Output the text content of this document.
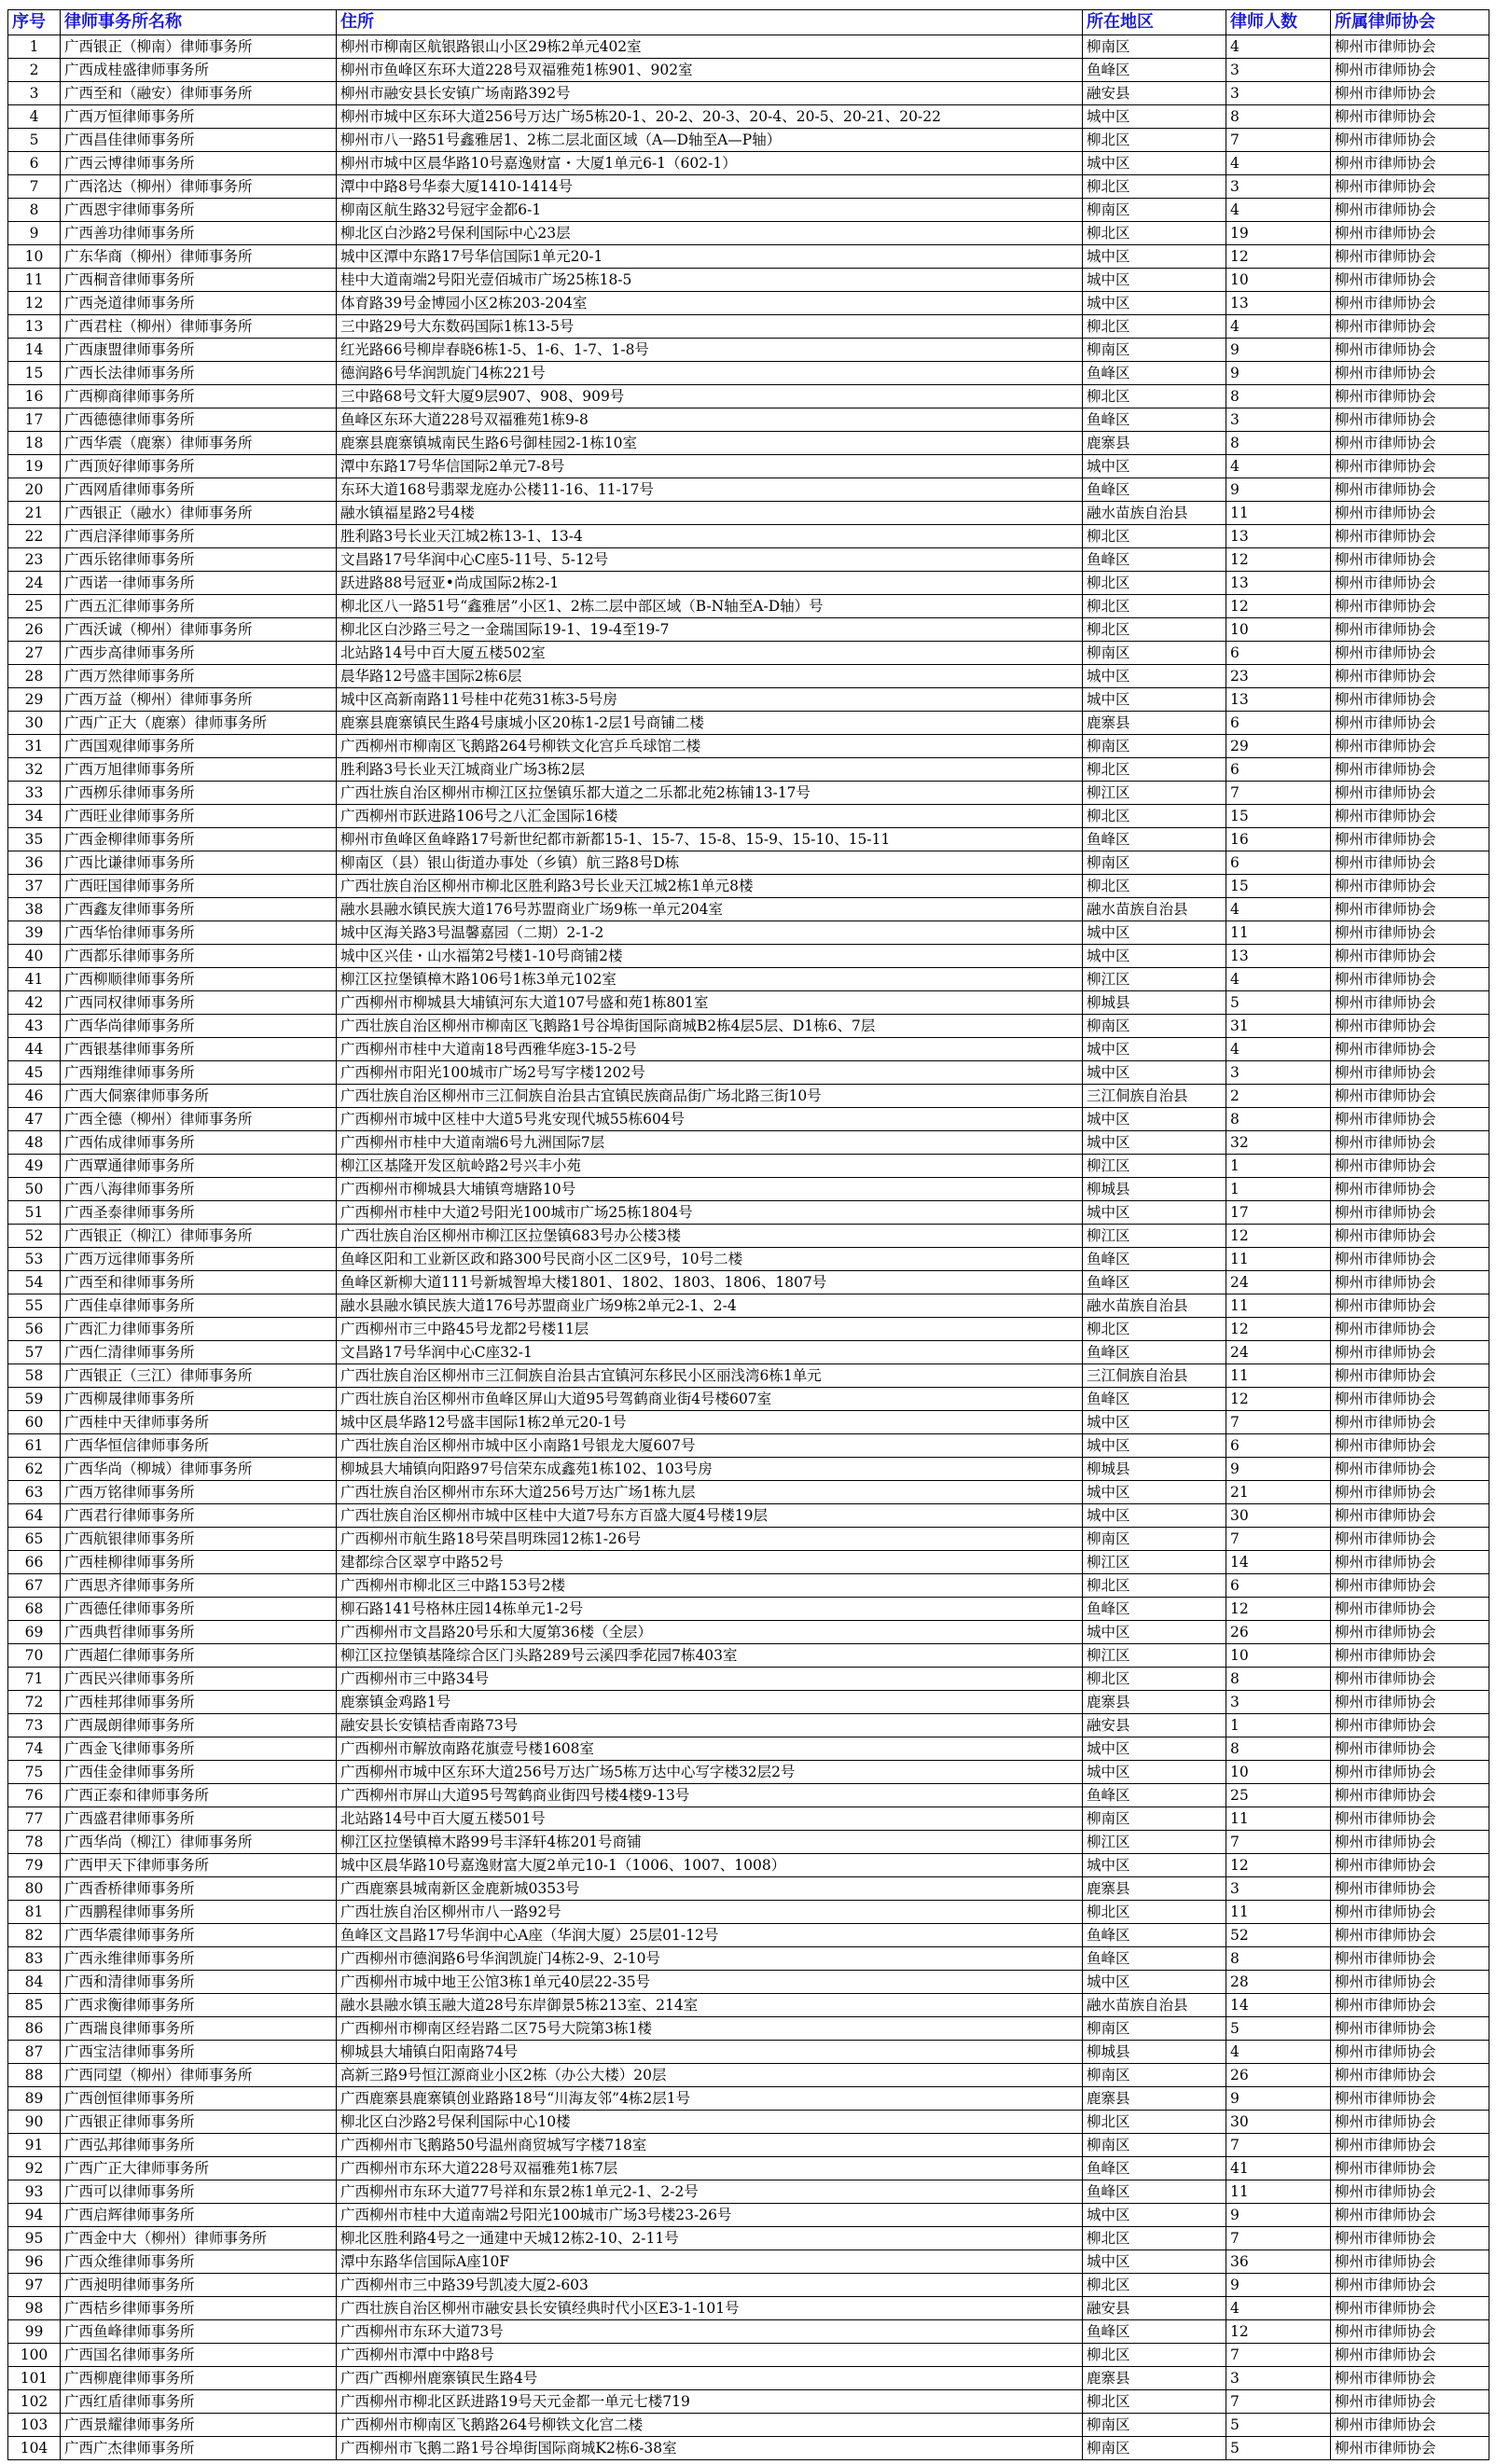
序号	律师事务所名称	住所	所在地区	律师人数	所属律师协会
1	广西银正（柳南）律师事务所	柳州市柳南区航银路银山小区29栋2单元402室	柳南区	4	柳州市律师协会
2	广西成桂盛律师事务所	柳州市鱼峰区东环大道228号双福雅苑1栋901、902室	鱼峰区	3	柳州市律师协会
3	广西至和（融安）律师事务所	柳州市融安县长安镇广场南路392号	融安县	3	柳州市律师协会
4	广西万恒律师事务所	柳州市城中区东环大道256号万达广场5栋20-1、20-2、20-3、20-4、20-5、20-21、20-22	城中区	8	柳州市律师协会
5	广西昌佳律师事务所	柳州市八一路51号鑫雅居1、2栋二层北面区域（A—D轴至A—P轴）	柳北区	7	柳州市律师协会
6	广西云博律师事务所	柳州市城中区晨华路10号嘉逸财富・大厦1单元6-1（602-1）	城中区	4	柳州市律师协会
7	广西洺达（柳州）律师事务所	潭中中路8号华泰大厦1410-1414号	柳北区	3	柳州市律师协会
8	广西恩宇律师事务所	柳南区航生路32号冠宇金都6-1	柳南区	4	柳州市律师协会
9	广西善功律师事务所	柳北区白沙路2号保利国际中心23层	柳北区	19	柳州市律师协会
10	广东华商（柳州）律师事务所	城中区潭中东路17号华信国际1单元20-1	城中区	12	柳州市律师协会
11	广西桐音律师事务所	桂中大道南端2号阳光壹佰城市广场25栋18-5	城中区	10	柳州市律师协会
12	广西尧道律师事务所	体育路39号金博园小区2栋203-204室	城中区	13	柳州市律师协会
13	广西君柱（柳州）律师事务所	三中路29号大东数码国际1栋13-5号	柳北区	4	柳州市律师协会
14	广西康盟律师事务所	红光路66号柳岸春晓6栋1-5、1-6、1-7、1-8号	柳南区	9	柳州市律师协会
15	广西长法律师事务所	德润路6号华润凯旋门4栋221号	鱼峰区	9	柳州市律师协会
16	广西柳商律师事务所	三中路68号文轩大厦9层907、908、909号	柳北区	8	柳州市律师协会
17	广西德德律师事务所	鱼峰区东环大道228号双福雅苑1栋9-8	鱼峰区	3	柳州市律师协会
18	广西华震（鹿寨）律师事务所	鹿寨县鹿寨镇城南民生路6号御桂园2-1栋10室	鹿寨县	8	柳州市律师协会
19	广西顶好律师事务所	潭中东路17号华信国际2单元7-8号	城中区	4	柳州市律师协会
20	广西网盾律师事务所	东环大道168号翡翠龙庭办公楼11-16、11-17号	鱼峰区	9	柳州市律师协会
21	广西银正（融水）律师事务所	融水镇福星路2号4楼	融水苗族自治县	11	柳州市律师协会
22	广西启泽律师事务所	胜利路3号长业天江城2栋13-1、13-4	柳北区	13	柳州市律师协会
23	广西乐铭律师事务所	文昌路17号华润中心C座5-11号、5-12号	鱼峰区	12	柳州市律师协会
24	广西诺一律师事务所	跃进路88号冠亚•尚成国际2栋2-1	柳北区	13	柳州市律师协会
25	广西五汇律师事务所	柳北区八一路51号“鑫雅居”小区1、2栋二层中部区域（B-N轴至A-D轴）号	柳北区	12	柳州市律师协会
26	广西沃诚（柳州）律师事务所	柳北区白沙路三号之一金瑞国际19-1、19-4至19-7	柳北区	10	柳州市律师协会
27	广西步高律师事务所	北站路14号中百大厦五楼502室	柳南区	6	柳州市律师协会
28	广西万然律师事务所	晨华路12号盛丰国际2栋6层	城中区	23	柳州市律师协会
29	广西万益（柳州）律师事务所	城中区高新南路11号桂中花苑31栋3-5号房	城中区	13	柳州市律师协会
30	广西广正大（鹿寨）律师事务所	鹿寨县鹿寨镇民生路4号康城小区20栋1-2层1号商铺二楼	鹿寨县	6	柳州市律师协会
31	广西国观律师事务所	广西柳州市柳南区飞鹅路264号柳铁文化宫乒乓球馆二楼	柳南区	29	柳州市律师协会
32	广西万旭律师事务所	胜利路3号长业天江城商业广场3栋2层	柳北区	6	柳州市律师协会
33	广西栁乐律师事务所	广西壮族自治区柳州市柳江区拉堡镇乐都大道之二乐都北苑2栋铺13-17号	柳江区	7	柳州市律师协会
34	广西旺业律师事务所	广西柳州市跃进路106号之八汇金国际16楼	柳北区	15	柳州市律师协会
35	广西金柳律师事务所	柳州市鱼峰区鱼峰路17号新世纪都市新都15-1、15-7、15-8、15-9、15-10、15-11	鱼峰区	16	柳州市律师协会
36	广西比谦律师事务所	柳南区（县）银山街道办事处（乡镇）航三路8号D栋	柳南区	6	柳州市律师协会
37	广西旺国律师事务所	广西壮族自治区柳州市柳北区胜利路3号长业天江城2栋1单元8楼	柳北区	15	柳州市律师协会
38	广西鑫友律师事务所	融水县融水镇民族大道176号苏盟商业广场9栋一单元204室	融水苗族自治县	4	柳州市律师协会
39	广西华怡律师事务所	城中区海关路3号温馨嘉园（二期）2-1-2	城中区	11	柳州市律师协会
40	广西都乐律师事务所	城中区兴佳・山水福第2号楼1-10号商铺2楼	城中区	13	柳州市律师协会
41	广西柳顺律师事务所	柳江区拉堡镇樟木路106号1栋3单元102室	柳江区	4	柳州市律师协会
42	广西同权律师事务所	广西柳州市柳城县大埔镇河东大道107号盛和苑1栋801室	柳城县	5	柳州市律师协会
43	广西华尚律师事务所	广西壮族自治区柳州市柳南区飞鹅路1号谷埠街国际商城B2栋4层5层、D1栋6、7层	柳南区	31	柳州市律师协会
44	广西银基律师事务所	广西柳州市桂中大道南18号西雅华庭3-15-2号	城中区	4	柳州市律师协会
45	广西翔维律师事务所	广西柳州市阳光100城市广场2号写字楼1202号	城中区	3	柳州市律师协会
46	广西大侗寨律师事务所	广西壮族自治区柳州市三江侗族自治县古宜镇民族商品街广场北路三街10号	三江侗族自治县	2	柳州市律师协会
47	广西全德（柳州）律师事务所	广西柳州市城中区桂中大道5号兆安现代城55栋604号	城中区	8	柳州市律师协会
48	广西佑成律师事务所	广西柳州市桂中大道南端6号九洲国际7层	城中区	32	柳州市律师协会
49	广西覃通律师事务所	柳江区基隆开发区航岭路2号兴丰小苑	柳江区	1	柳州市律师协会
50	广西八海律师事务所	广西柳州市柳城县大埔镇弯塘路10号	柳城县	1	柳州市律师协会
51	广西圣泰律师事务所	广西柳州市桂中大道2号阳光100城市广场25栋1804号	城中区	17	柳州市律师协会
52	广西银正（柳江）律师事务所	广西壮族自治区柳州市柳江区拉堡镇683号办公楼3楼	柳江区	12	柳州市律师协会
53	广西万远律师事务所	鱼峰区阳和工业新区政和路300号民商小区二区9号，10号二楼	鱼峰区	11	柳州市律师协会
54	广西至和律师事务所	鱼峰区新柳大道111号新城智埠大楼1801、1802、1803、1806、1807号	鱼峰区	24	柳州市律师协会
55	广西佳卓律师事务所	融水县融水镇民族大道176号苏盟商业广场9栋2单元2-1、2-4	融水苗族自治县	11	柳州市律师协会
56	广西汇力律师事务所	广西柳州市三中路45号龙都2号楼11层	柳北区	12	柳州市律师协会
57	广西仁清律师事务所	文昌路17号华润中心C座32-1	鱼峰区	24	柳州市律师协会
58	广西银正（三江）律师事务所	广西壮族自治区柳州市三江侗族自治县古宜镇河东移民小区丽浅湾6栋1单元	三江侗族自治县	11	柳州市律师协会
59	广西柳晟律师事务所	广西壮族自治区柳州市鱼峰区屏山大道95号驾鹤商业街4号楼607室	鱼峰区	12	柳州市律师协会
60	广西桂中天律师事务所	城中区晨华路12号盛丰国际1栋2单元20-1号	城中区	7	柳州市律师协会
61	广西华恒信律师事务所	广西壮族自治区柳州市城中区小南路1号银龙大厦607号	城中区	6	柳州市律师协会
62	广西华尚（柳城）律师事务所	柳城县大埔镇向阳路97号信荣东成鑫苑1栋102、103号房	柳城县	9	柳州市律师协会
63	广西万铭律师事务所	广西壮族自治区柳州市东环大道256号万达广场1栋九层	城中区	21	柳州市律师协会
64	广西君行律师事务所	广西壮族自治区柳州市城中区桂中大道7号东方百盛大厦4号楼19层	城中区	30	柳州市律师协会
65	广西航银律师事务所	广西柳州市航生路18号荣昌明珠园12栋1-26号	柳南区	7	柳州市律师协会
66	广西桂柳律师事务所	建都综合区翠亨中路52号	柳江区	14	柳州市律师协会
67	广西思齐律师事务所	广西柳州市柳北区三中路153号2楼	柳北区	6	柳州市律师协会
68	广西德任律师事务所	柳石路141号格林庄园14栋单元1-2号	鱼峰区	12	柳州市律师协会
69	广西典哲律师事务所	广西柳州市文昌路20号乐和大厦第36楼（全层）	城中区	26	柳州市律师协会
70	广西超仁律师事务所	柳江区拉堡镇基隆综合区门头路289号云溪四季花园7栋403室	柳江区	10	柳州市律师协会
71	广西民兴律师事务所	广西柳州市三中路34号	柳北区	8	柳州市律师协会
72	广西桂邦律师事务所	鹿寨镇金鸡路1号	鹿寨县	3	柳州市律师协会
73	广西晟朗律师事务所	融安县长安镇桔香南路73号	融安县	1	柳州市律师协会
74	广西金飞律师事务所	广西柳州市解放南路花旗壹号楼1608室	城中区	8	柳州市律师协会
75	广西佳金律师事务所	广西柳州市城中区东环大道256号万达广场5栋万达中心写字楼32层2号	城中区	10	柳州市律师协会
76	广西正泰和律师事务所	广西柳州市屏山大道95号驾鹤商业街四号楼4楼9-13号	鱼峰区	25	柳州市律师协会
77	广西盛君律师事务所	北站路14号中百大厦五楼501号	柳南区	11	柳州市律师协会
78	广西华尚（柳江）律师事务所	柳江区拉堡镇樟木路99号丰泽轩4栋201号商铺	柳江区	7	柳州市律师协会
79	广西甲天下律师事务所	城中区晨华路10号嘉逸财富大厦2单元10-1（1006、1007、1008）	城中区	12	柳州市律师协会
80	广西香桥律师事务所	广西鹿寨县城南新区金鹿新城0353号	鹿寨县	3	柳州市律师协会
81	广西鹏程律师事务所	广西壮族自治区柳州市八一路92号	柳北区	11	柳州市律师协会
82	广西华震律师事务所	鱼峰区文昌路17号华润中心A座（华润大厦）25层01-12号	鱼峰区	52	柳州市律师协会
83	广西永维律师事务所	广西柳州市德润路6号华润凯旋门4栋2-9、2-10号	鱼峰区	8	柳州市律师协会
84	广西和清律师事务所	广西柳州市城中地王公馆3栋1单元40层22-35号	城中区	28	柳州市律师协会
85	广西求衡律师事务所	融水县融水镇玉融大道28号东岸御景5栋213室、214室	融水苗族自治县	14	柳州市律师协会
86	广西瑞良律师事务所	广西柳州市柳南区经岩路二区75号大院第3栋1楼	柳南区	5	柳州市律师协会
87	广西宝洁律师事务所	柳城县大埔镇白阳南路74号	柳城县	4	柳州市律师协会
88	广西同望（柳州）律师事务所	高新三路9号恒江源商业小区2栋（办公大楼）20层	柳南区	26	柳州市律师协会
89	广西创恒律师事务所	广西鹿寨县鹿寨镇创业路路18号“川海友邻”4栋2层1号	鹿寨县	9	柳州市律师协会
90	广西银正律师事务所	柳北区白沙路2号保利国际中心10楼	柳北区	30	柳州市律师协会
91	广西弘邦律师事务所	广西柳州市飞鹅路50号温州商贸城写字楼718室	柳南区	7	柳州市律师协会
92	广西广正大律师事务所	广西柳州市东环大道228号双福雅苑1栋7层	鱼峰区	41	柳州市律师协会
93	广西可以律师事务所	广西柳州市东环大道77号祥和东景2栋1单元2-1、2-2号	鱼峰区	11	柳州市律师协会
94	广西启辉律师事务所	广西柳州市桂中大道南端2号阳光100城市广场3号楼23-26号	城中区	9	柳州市律师协会
95	广西金中大（柳州）律师事务所	柳北区胜利路4号之一通建中天城12栋2-10、2-11号	柳北区	7	柳州市律师协会
96	广西众维律师事务所	潭中东路华信国际A座10F	城中区	36	柳州市律师协会
97	广西昶明律师事务所	广西柳州市三中路39号凯凌大厦2-603	柳北区	9	柳州市律师协会
98	广西桔乡律师事务所	广西壮族自治区柳州市融安县长安镇经典时代小区E3-1-101号	融安县	4	柳州市律师协会
99	广西鱼峰律师事务所	广西柳州市东环大道73号	鱼峰区	12	柳州市律师协会
100	广西国名律师事务所	广西柳州市潭中中路8号	柳北区	7	柳州市律师协会
101	广西柳鹿律师事务所	广西广西柳州鹿寨镇民生路4号	鹿寨县	3	柳州市律师协会
102	广西红盾律师事务所	广西柳州市柳北区跃进路19号天元金都一单元七楼719	柳北区	7	柳州市律师协会
103	广西景耀律师事务所	广西柳州市柳南区飞鹅路264号柳铁文化宫二楼	柳南区	5	柳州市律师协会
104	广西广杰律师事务所	广西柳州市飞鹅二路1号谷埠街国际商城K2栋6-38室	柳南区	5	柳州市律师协会
